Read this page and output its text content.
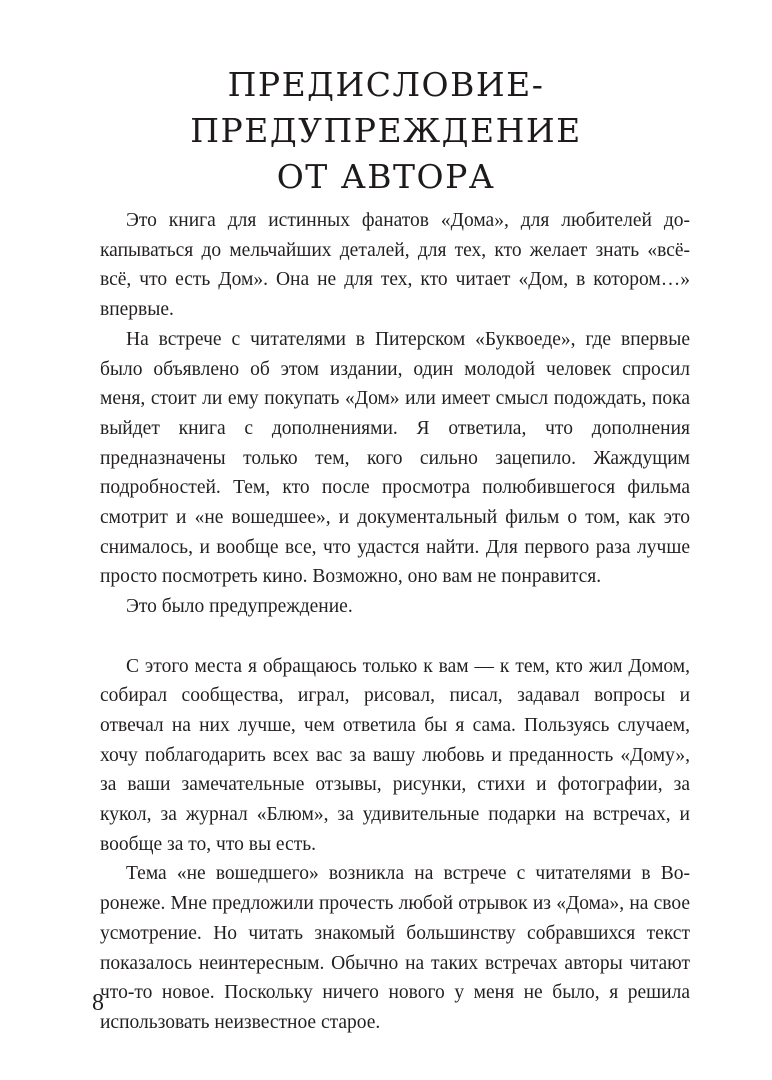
ПРЕДИСЛОВИЕ-ПРЕДУПРЕЖДЕНИЕ
ОТ АВТОРА

Это книга для истинных фанатов «Дома», для любителей докапываться до мельчайших деталей, для тех, кто желает знать «всё-всё, что есть Дом». Она не для тех, кто читает «Дом, в котором…» впервые.

На встрече с читателями в Питерском «Буквоеде», где впервые было объявлено об этом издании, один молодой человек спросил меня, стоит ли ему покупать «Дом» или имеет смысл подождать, пока выйдет книга с дополнениями. Я ответила, что дополнения предназначены только тем, кого сильно зацепило. Жаждущим подробностей. Тем, кто после просмотра полюбившегося фильма смотрит и «не вошедшее», и документальный фильм о том, как это снималось, и вообще все, что удастся найти. Для первого раза лучше просто посмотреть кино. Возможно, оно вам не понравится.

Это было предупреждение.

С этого места я обращаюсь только к вам — к тем, кто жил Домом, собирал сообщества, играл, рисовал, писал, задавал вопросы и отвечал на них лучше, чем ответила бы я сама. Пользуясь случаем, хочу поблагодарить всех вас за вашу любовь и преданность «Дому», за ваши замечательные отзывы, рисунки, стихи и фотографии, за кукол, за журнал «Блюм», за удивительные подарки на встречах, и вообще за то, что вы есть.

Тема «не вошедшего» возникла на встрече с читателями в Воронеже. Мне предложили прочесть любой отрывок из «Дома», на свое усмотрение. Но читать знакомый большинству собравшихся текст показалось неинтересным. Обычно на таких встречах авторы читают что-то новое. Поскольку ничего нового у меня не было, я решила использовать неизвестное старое.

8
